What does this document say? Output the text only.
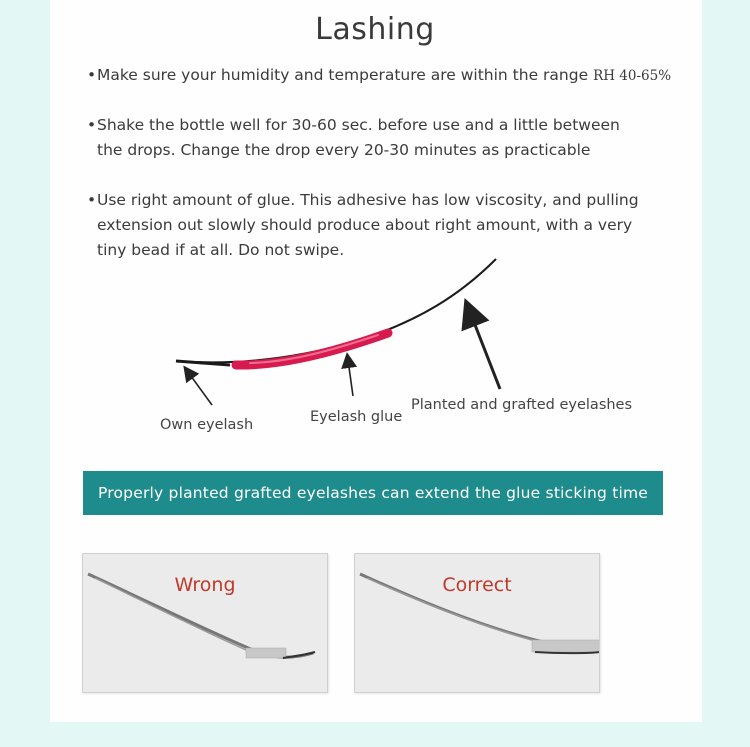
Lashing
•Make sure your humidity and temperature are within the range RH 40-65%
•Shake the bottle well for 30-60 sec. before use and a little between
the drops. Change the drop every 20-30 minutes as practicable
•Use right amount of glue. This adhesive has low viscosity, and pulling
extension out slowly should produce about right amount, with a very
tiny bead if at all. Do not swipe.
Own eyelash	Eyelash glue
Planted and grafted eyelashes
Properly planted grafted eyelashes can extend the glue sticking time
Wrong	Correct
